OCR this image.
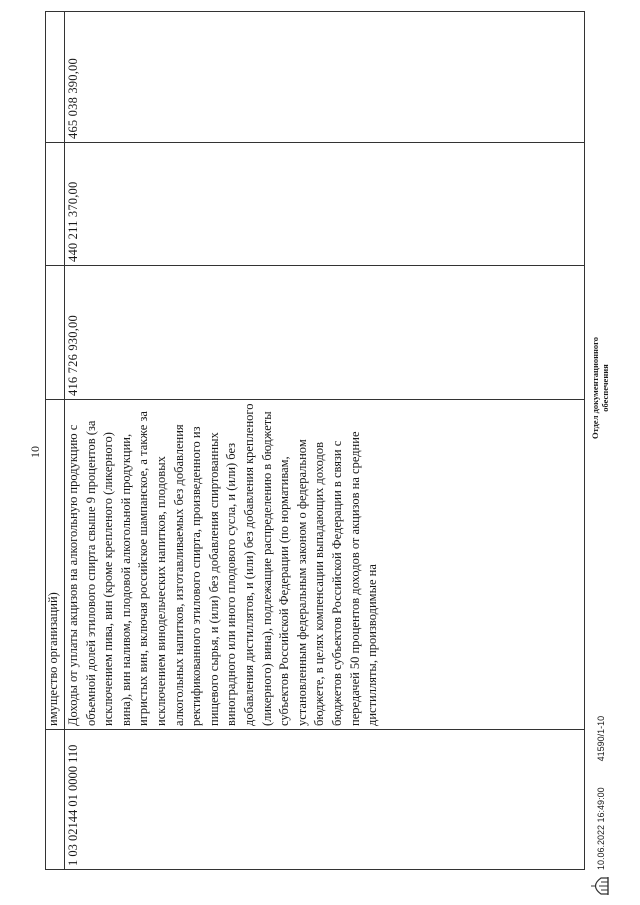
10
	имущество организаций)			
1 03 02144 01 0000 110	Доходы от уплаты акцизов на алкогольную продукцию с объемной долей этилового спирта свыше 9 процентов (за исключением пива, вин (кроме крепленого (ликерного) вина), вин наливом, плодовой алкогольной продукции, игристых вин, включая российское шампанское, а также за исключением винодельческих напитков, плодовых алкогольных напитков, изготавливаемых без добавления ректификованного этилового спирта, произведенного из пищевого сырья, и (или) без добавления спиртованных виноградного или иного плодового сусла, и (или) без добавления дистиллятов, и (или) без добавления крепленого (ликерного) вина), подлежащие распределению в бюджеты субъектов Российской Федерации (по нормативам, установленным федеральным законом о федеральном бюджете, в целях компенсации выпадающих доходов бюджетов субъектов Российской Федерации в связи с передачей 50 процентов доходов от акцизов на средние дистилляты, производимые на	416 726 930,00	440 211 370,00	465 038 390,00
10.06.2022 16:49:00
41590/1-10
Отдел документационного обеспечения
